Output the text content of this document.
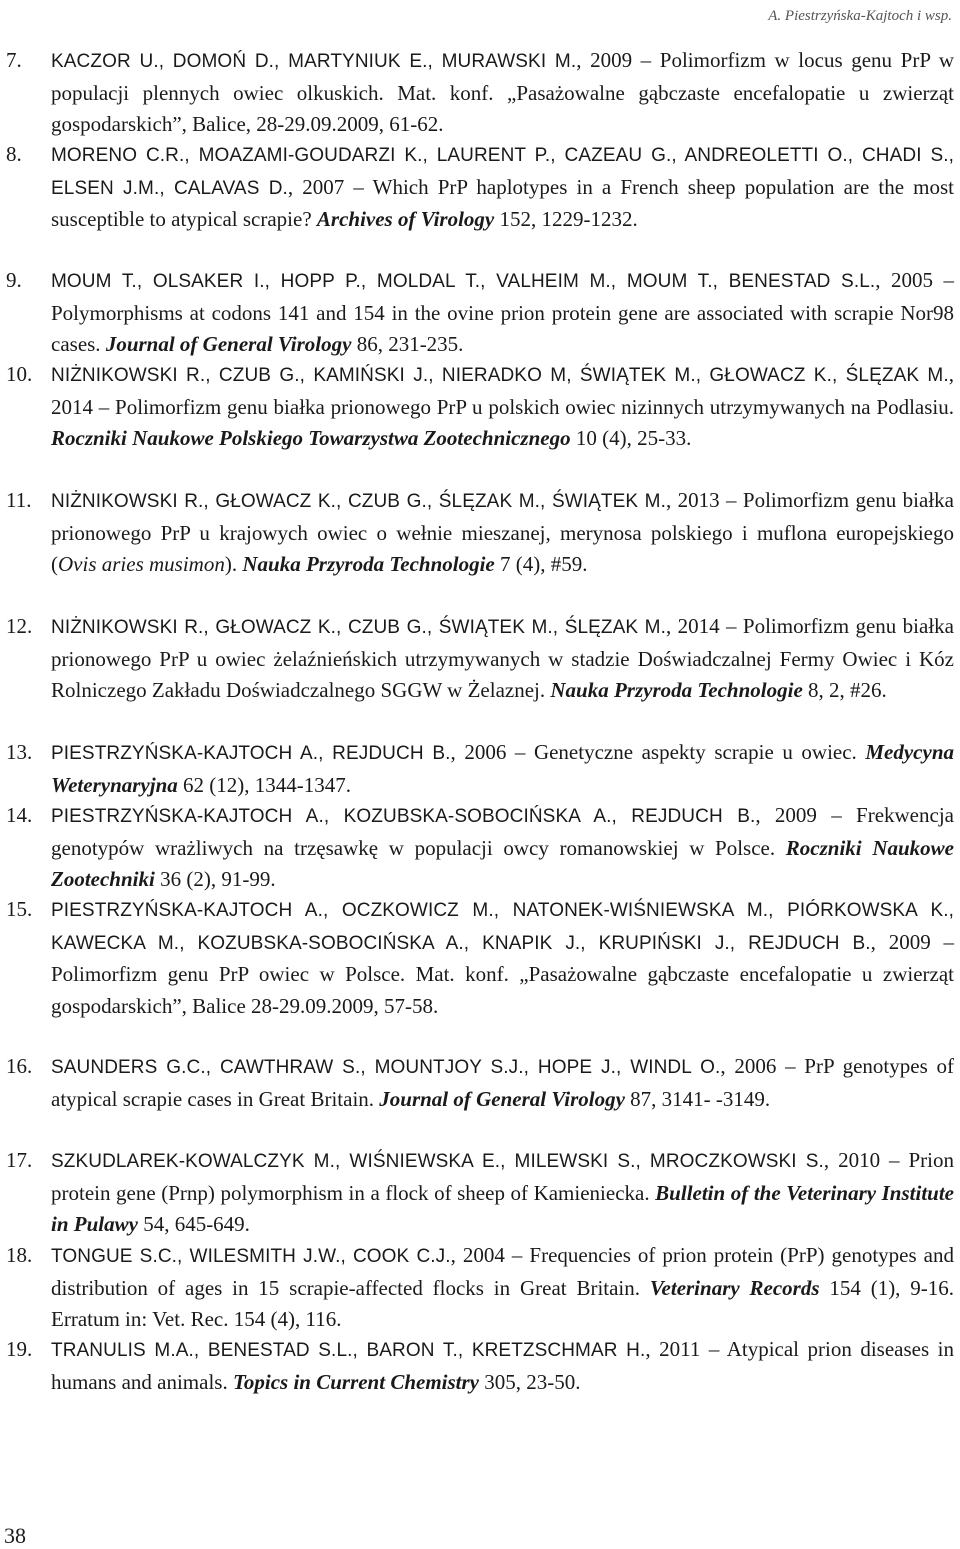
A. Piestrzyńska-Kajtoch i wsp.
7. KACZOR U., DOMOŃ D., MARTYNIUK E., MURAWSKI M., 2009 – Polimorfizm w locus genu PrP w populacji plennych owiec olkuskich. Mat. konf. „Pasażowalne gąbczaste encefalopatie u zwierząt gospodarskich”, Balice, 28-29.09.2009, 61-62.
8. MORENO C.R., MOAZAMI-GOUDARZI K., LAURENT P., CAZEAU G., ANDREOLETTI O., CHADI S., ELSEN J.M., CALAVAS D., 2007 – Which PrP haplotypes in a French sheep population are the most susceptible to atypical scrapie? Archives of Virology 152, 1229-1232.
9. MOUM T., OLSAKER I., HOPP P., MOLDAL T., VALHEIM M., MOUM T., BENESTAD S.L., 2005 – Polymorphisms at codons 141 and 154 in the ovine prion protein gene are associated with scrapie Nor98 cases. Journal of General Virology 86, 231-235.
10. NIŻNIKOWSKI R., CZUB G., KAMIŃSKI J., NIERADKO M, ŚWIĄTEK M., GŁOWACZ K., ŚLĘZAK M., 2014 – Polimorfizm genu białka prionowego PrP u polskich owiec nizinnych utrzymywanych na Podlasiu. Roczniki Naukowe Polskiego Towarzystwa Zootechnicznego 10 (4), 25-33.
11. NIŻNIKOWSKI R., GŁOWACZ K., CZUB G., ŚLĘZAK M., ŚWIĄTEK M., 2013 – Polimorfizm genu białka prionowego PrP u krajowych owiec o wełnie mieszanej, merynosa polskiego i muflona europejskiego (Ovis aries musimon). Nauka Przyroda Technologie 7 (4), #59.
12. NIŻNIKOWSKI R., GŁOWACZ K., CZUB G., ŚWIĄTEK M., ŚLĘZAK M., 2014 – Polimorfizm genu białka prionowego PrP u owiec żelaźnieńskich utrzymywanych w stadzie Doświadczalnej Fermy Owiec i Kóz Rolniczego Zakładu Doświadczalnego SGGW w Żelaznej. Nauka Przyroda Technologie 8, 2, #26.
13. PIESTRZYŃSKA-KAJTOCH A., REJDUCH B., 2006 – Genetyczne aspekty scrapie u owiec. Medycyna Weterynaryjna 62 (12), 1344-1347.
14. PIESTRZYŃSKA-KAJTOCH A., KOZUBSKA-SOBOCIŃSKA A., REJDUCH B., 2009 – Frekwencja genotypów wrażliwych na trzęsawkę w populacji owcy romanowskiej w Polsce. Roczniki Naukowe Zootechniki 36 (2), 91-99.
15. PIESTRZYŃSKA-KAJTOCH A., OCZKOWICZ M., NATONEK-WIŚNIEWSKA M., PIÓRKOWSKA K., KAWECKA M., KOZUBSKA-SOBOCIŃSKA A., KNAPIK J., KRUPIŃSKI J., REJDUCH B., 2009 – Polimorfizm genu PrP owiec w Polsce. Mat. konf. „Pasażowalne gąbczaste encefalopatie u zwierząt gospodarskich”, Balice 28-29.09.2009, 57-58.
16. SAUNDERS G.C., CAWTHRAW S., MOUNTJOY S.J., HOPE J., WINDL O., 2006 – PrP genotypes of atypical scrapie cases in Great Britain. Journal of General Virology 87, 3141- -3149.
17. SZKUDLAREK-KOWALCZYK M., WIŚNIEWSKA E., MILEWSKI S., MROCZKOWSKI S., 2010 – Prion protein gene (Prnp) polymorphism in a flock of sheep of Kamieniecka. Bulletin of the Veterinary Institute in Pulawy 54, 645-649.
18. TONGUE S.C., WILESMITH J.W., COOK C.J., 2004 – Frequencies of prion protein (PrP) genotypes and distribution of ages in 15 scrapie-affected flocks in Great Britain. Veterinary Records 154 (1), 9-16. Erratum in: Vet. Rec. 154 (4), 116.
19. TRANULIS M.A., BENESTAD S.L., BARON T., KRETZSCHMAR H., 2011 – Atypical prion diseases in humans and animals. Topics in Current Chemistry 305, 23-50.
38
